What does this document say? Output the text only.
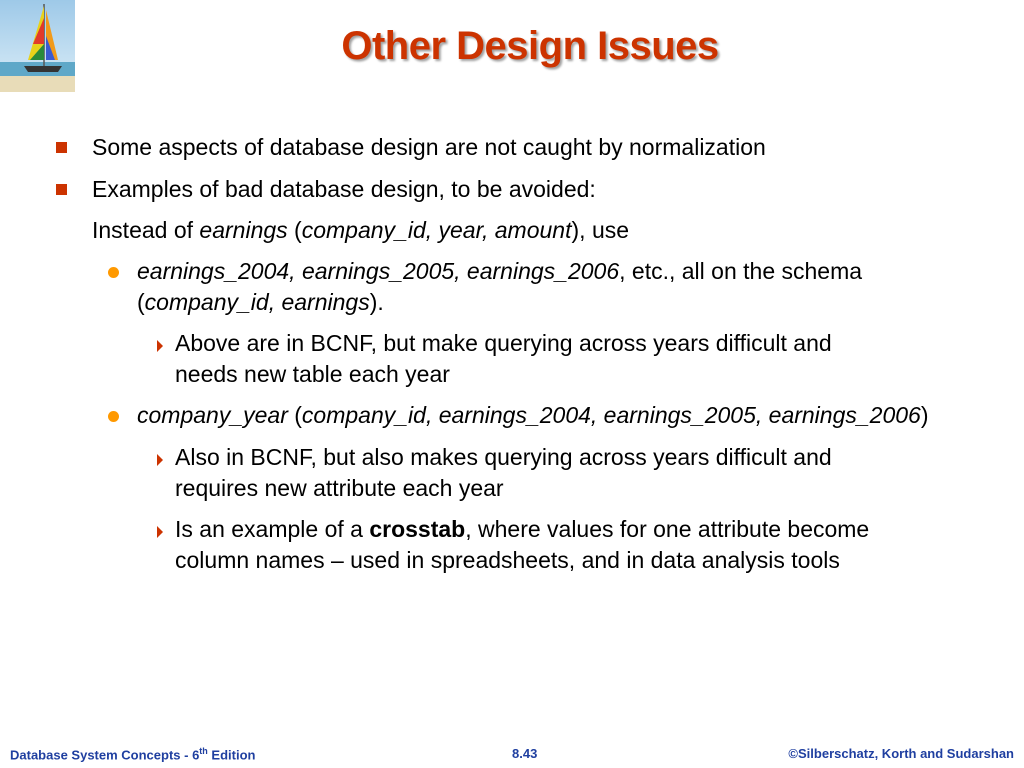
Other Design Issues
Some aspects of database design are not caught by normalization
Examples of bad database design, to be avoided:
Instead of earnings (company_id, year, amount), use
earnings_2004, earnings_2005, earnings_2006, etc., all on the schema
(company_id, earnings).
Above are in BCNF, but make querying across years difficult and
needs new table each year
company_year (company_id, earnings_2004, earnings_2005, earnings_2006)
Also in BCNF, but also makes querying across years difficult and
requires new attribute each year
Is an example of a crosstab, where values for one attribute become
column names – used in spreadsheets, and in data analysis tools
Database System Concepts - 6th Edition	8.43	©Silberschatz, Korth and Sudarshan
